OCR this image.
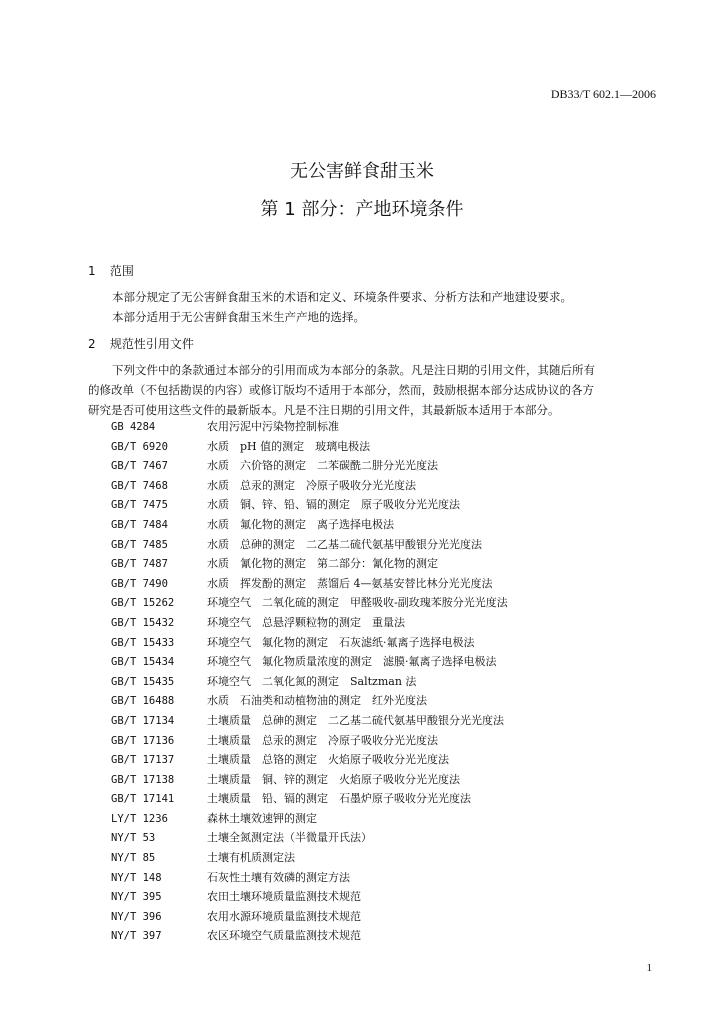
DB33/T 602.1—2006
无公害鲜食甜玉米
第 1 部分：产地环境条件
1 范围
本部分规定了无公害鲜食甜玉米的术语和定义、环境条件要求、分析方法和产地建设要求。
本部分适用于无公害鲜食甜玉米生产产地的选择。
2 规范性引用文件
下列文件中的条款通过本部分的引用而成为本部分的条款。凡是注日期的引用文件，其随后所有
的修改单（不包括勘误的内容）或修订版均不适用于本部分，然而，鼓励根据本部分达成协议的各方
研究是否可使用这些文件的最新版本。凡是不注日期的引用文件，其最新版本适用于本部分。
GB 4284	农用污泥中污染物控制标准
GB/T 6920	水质　pH 值的测定　玻璃电极法
GB/T 7467	水质　六价铬的测定　二苯碳酰二肼分光光度法
GB/T 7468	水质　总汞的测定　冷原子吸收分光光度法
GB/T 7475	水质　铜、锌、铅、镉的测定　原子吸收分光光度法
GB/T 7484	水质　氟化物的测定　离子选择电极法
GB/T 7485	水质　总砷的测定　二乙基二硫代氨基甲酸银分光光度法
GB/T 7487	水质　氰化物的测定　第二部分：氰化物的测定
GB/T 7490	水质　挥发酚的测定　蒸馏后 4—氨基安替比林分光光度法
GB/T 15262	环境空气　二氧化硫的测定　甲醛吸收-副玫瑰苯胺分光光度法
GB/T 15432	环境空气　总悬浮颗粒物的测定　重量法
GB/T 15433	环境空气　氟化物的测定　石灰滤纸·氟离子选择电极法
GB/T 15434	环境空气　氟化物质量浓度的测定　滤膜·氟离子选择电极法
GB/T 15435	环境空气　二氧化氮的测定　Saltzman 法
GB/T 16488	水质　石油类和动植物油的测定　红外光度法
GB/T 17134	土壤质量　总砷的测定　二乙基二硫代氨基甲酸银分光光度法
GB/T 17136	土壤质量　总汞的测定　冷原子吸收分光光度法
GB/T 17137	土壤质量　总铬的测定　火焰原子吸收分光光度法
GB/T 17138	土壤质量　铜、锌的测定　火焰原子吸收分光光度法
GB/T 17141	土壤质量　铅、镉的测定　石墨炉原子吸收分光光度法
LY/T 1236	森林土壤效速钾的测定
NY/T 53	土壤全氮测定法（半微量开氏法）
NY/T 85	土壤有机质测定法
NY/T 148	石灰性土壤有效磷的测定方法
NY/T 395	农田土壤环境质量监测技术规范
NY/T 396	农用水源环境质量监测技术规范
NY/T 397	农区环境空气质量监测技术规范
1
